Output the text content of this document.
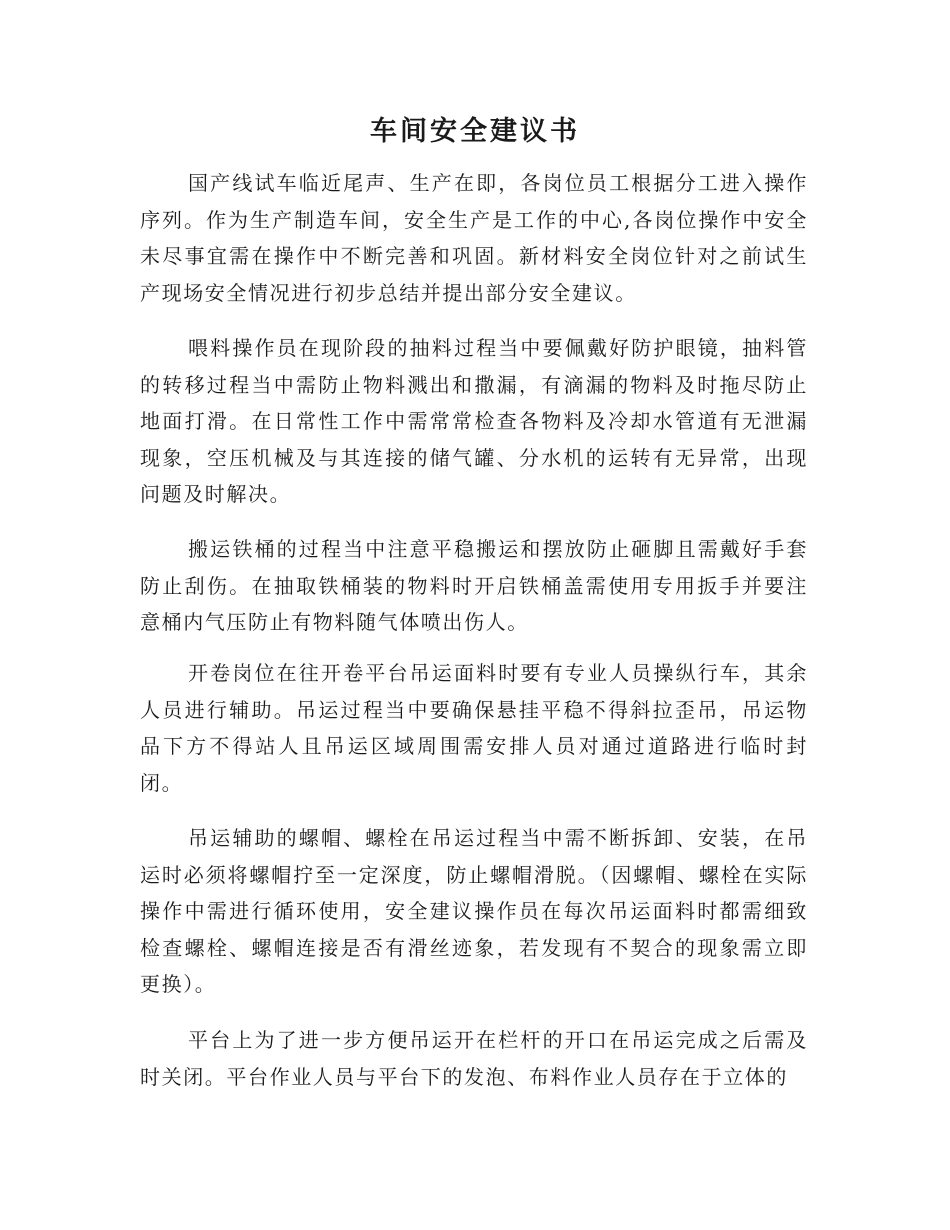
车间安全建议书

国产线试车临近尾声、生产在即，各岗位员工根据分工进入操作序列。作为生产制造车间，安全生产是工作的中心,各岗位操作中安全未尽事宜需在操作中不断完善和巩固。新材料安全岗位针对之前试生产现场安全情况进行初步总结并提出部分安全建议。

喂料操作员在现阶段的抽料过程当中要佩戴好防护眼镜，抽料管的转移过程当中需防止物料溅出和撒漏，有滴漏的物料及时拖尽防止地面打滑。在日常性工作中需常常检查各物料及冷却水管道有无泄漏现象，空压机械及与其连接的储气罐、分水机的运转有无异常，出现问题及时解决。

搬运铁桶的过程当中注意平稳搬运和摆放防止砸脚且需戴好手套防止刮伤。在抽取铁桶装的物料时开启铁桶盖需使用专用扳手并要注意桶内气压防止有物料随气体喷出伤人。

开卷岗位在往开卷平台吊运面料时要有专业人员操纵行车，其余人员进行辅助。吊运过程当中要确保悬挂平稳不得斜拉歪吊，吊运物品下方不得站人且吊运区域周围需安排人员对通过道路进行临时封闭。

吊运辅助的螺帽、螺栓在吊运过程当中需不断拆卸、安装，在吊运时必须将螺帽拧至一定深度，防止螺帽滑脱。（因螺帽、螺栓在实际操作中需进行循环使用，安全建议操作员在每次吊运面料时都需细致检查螺栓、螺帽连接是否有滑丝迹象，若发现有不契合的现象需立即更换）。

平台上为了进一步方便吊运开在栏杆的开口在吊运完成之后需及时关闭。平台作业人员与平台下的发泡、布料作业人员存在于立体的
